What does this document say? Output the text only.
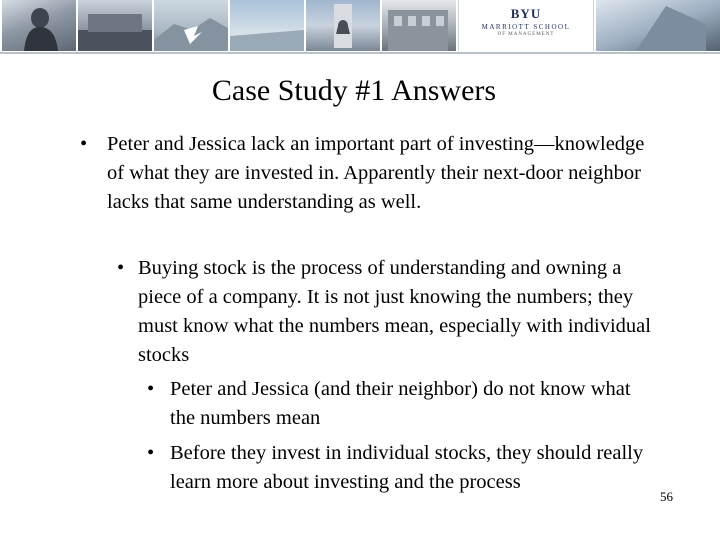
BYU
MARRIOTT SCHOOL
OF MANAGEMENT
Case Study #1 Answers
• Peter and Jessica lack an important part of investing—knowledge of what they are invested in. Apparently their next-door neighbor lacks that same understanding as well.
• Buying stock is the process of understanding and owning a piece of a company. It is not just knowing the numbers; they must know what the numbers mean, especially with individual stocks
• Peter and Jessica (and their neighbor) do not know what the numbers mean
• Before they invest in individual stocks, they should really learn more about investing and the process
56
